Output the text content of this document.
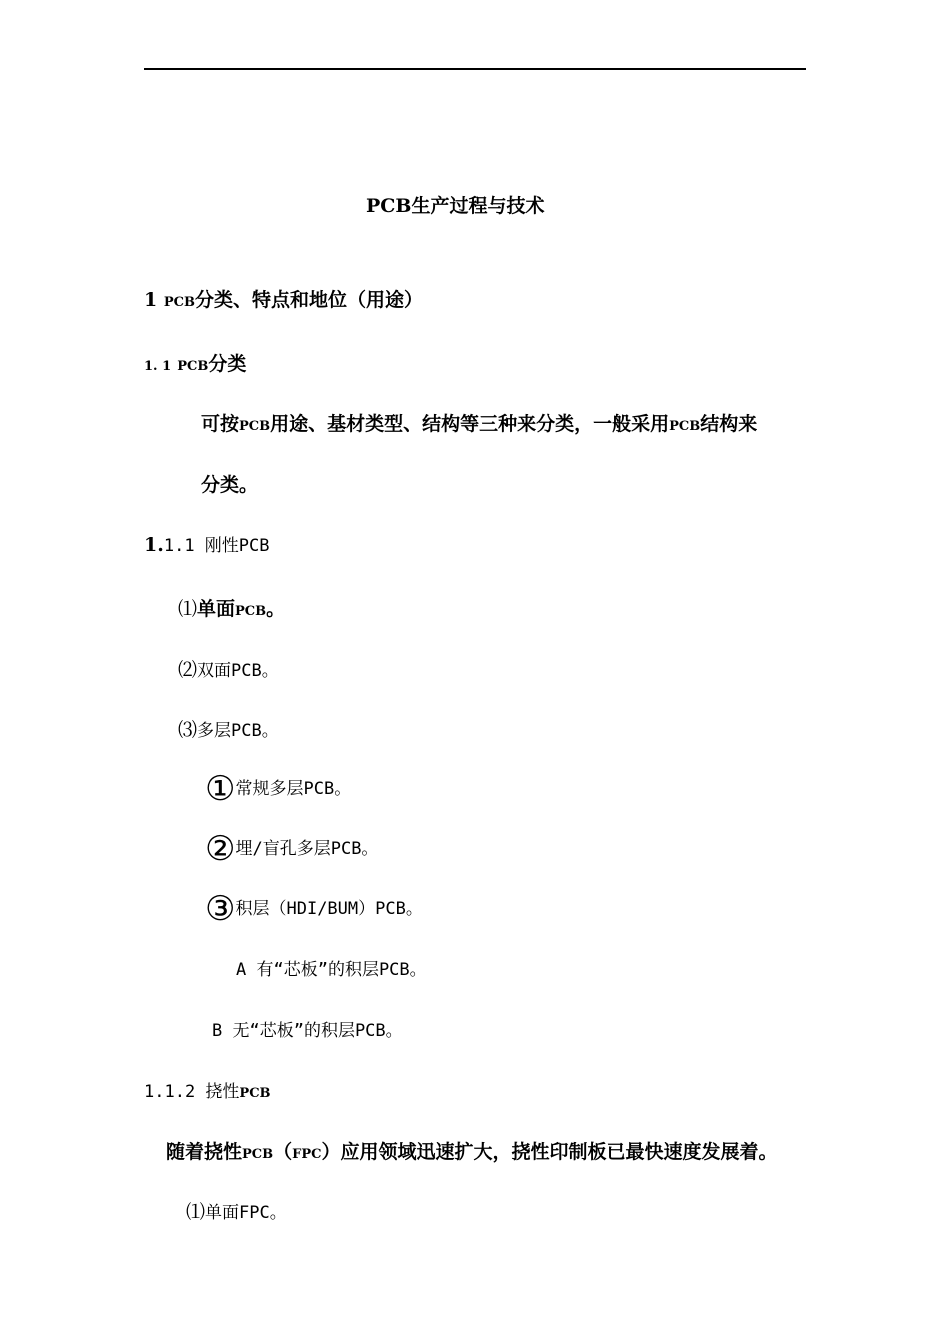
PCB生产过程与技术
1 PCB分类、特点和地位（用途）
1. 1 PCB分类
可按PCB用途、基材类型、结构等三种来分类，一般采用PCB结构来
分类。
1.1.1 刚性PCB
⑴单面PCB。
⑵双面PCB。
⑶多层PCB。
①常规多层PCB。
②埋/盲孔多层PCB。
③积层（HDI/BUM）PCB。
A 有“芯板”的积层PCB。
B 无“芯板”的积层PCB。
1.1.2 挠性PCB
随着挠性PCB（FPC）应用领域迅速扩大，挠性印制板已最快速度发展着。
⑴单面FPC。
